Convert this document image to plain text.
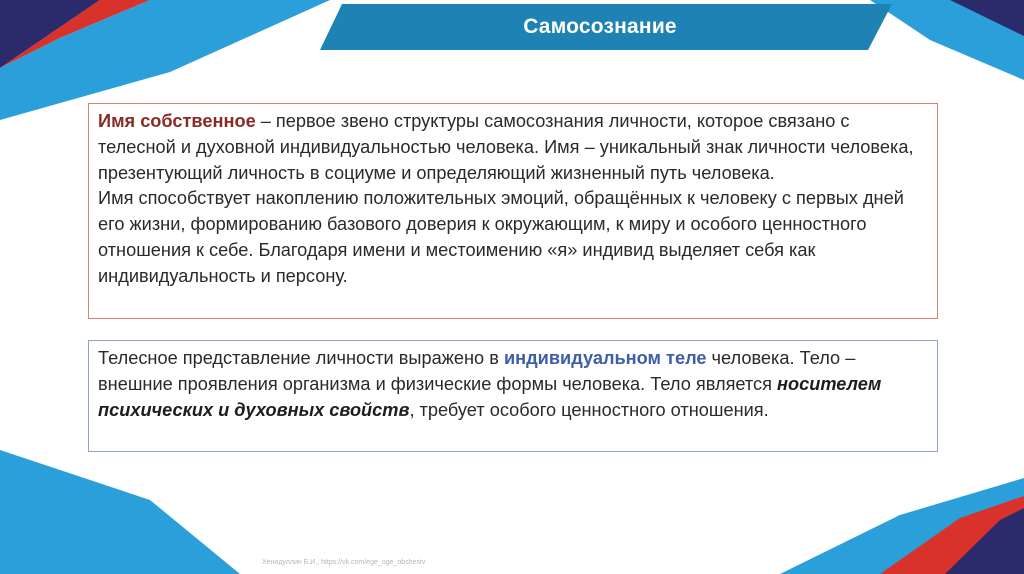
Самосознание
Имя собственное – первое звено структуры самосознания личности, которое связано с телесной и духовной индивидуальностью человека. Имя – уникальный знак личности человека, презентующий личность в социуме и определяющий жизненный путь человека.
Имя способствует накоплению положительных эмоций, обращённых к человеку с первых дней его жизни, формированию базового доверия к окружающим, к миру и особого ценностного отношения к себе. Благодаря имени и местоимению «я» индивид выделяет себя как индивидуальность и персону.
Телесное представление личности выражено в индивидуальном теле человека. Тело – внешние проявления организма и физические формы человека. Тело является носителем психических и духовных свойств, требует особого ценностного отношения.
Хенидуллин Б.И., https://vk.com/ege_oge_obshestv
